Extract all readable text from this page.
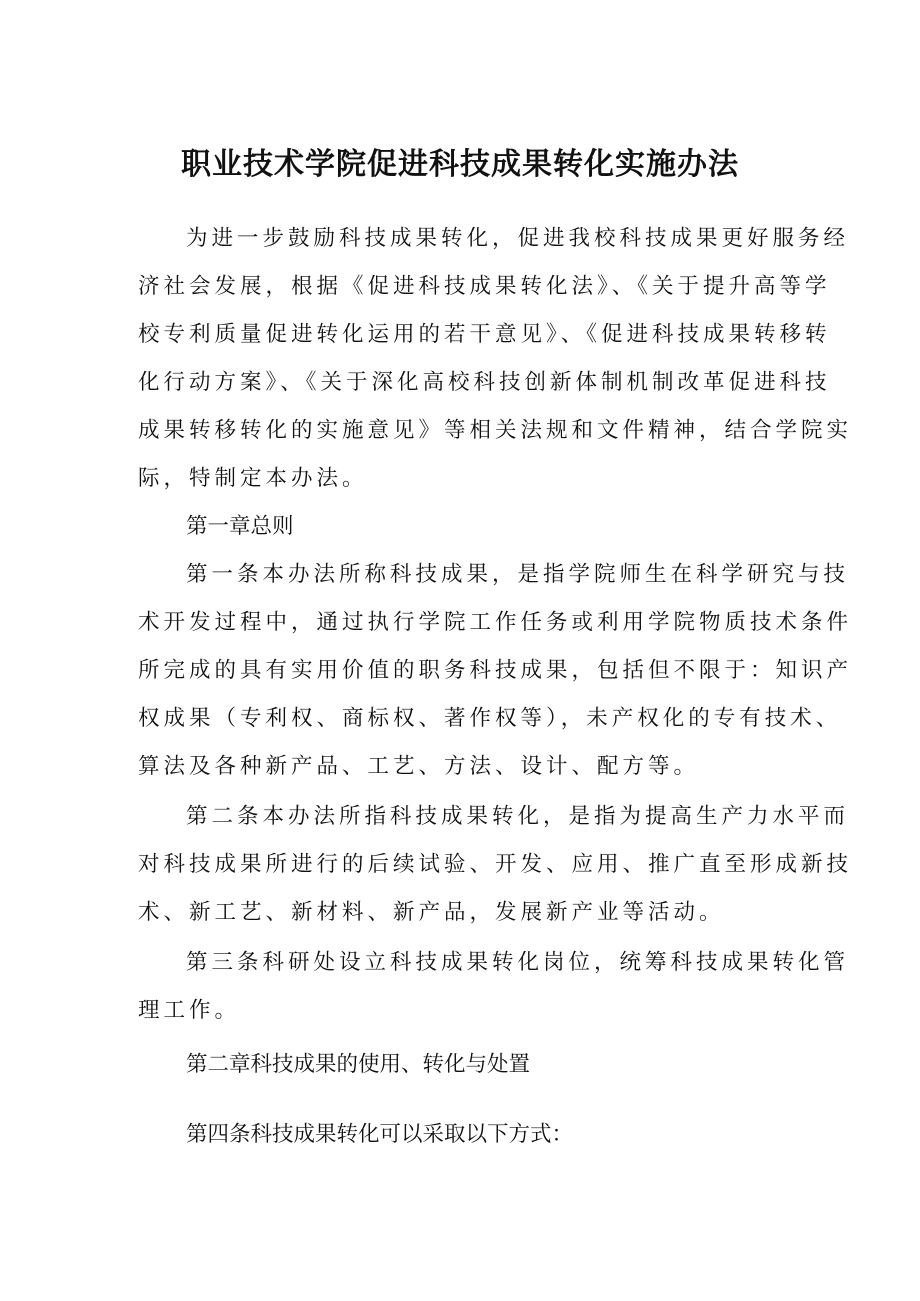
职业技术学院促进科技成果转化实施办法

为进一步鼓励科技成果转化，促进我校科技成果更好服务经

济社会发展，根据《促进科技成果转化法》、《关于提升高等学

校专利质量促进转化运用的若干意见》、《促进科技成果转移转

化行动方案》、《关于深化高校科技创新体制机制改革促进科技

成果转移转化的实施意见》等相关法规和文件精神，结合学院实

际，特制定本办法。

第一章总则

第一条本办法所称科技成果，是指学院师生在科学研究与技

术开发过程中，通过执行学院工作任务或利用学院物质技术条件

所完成的具有实用价值的职务科技成果，包括但不限于：知识产

权成果（专利权、商标权、著作权等），未产权化的专有技术、

算法及各种新产品、工艺、方法、设计、配方等。

第二条本办法所指科技成果转化，是指为提高生产力水平而

对科技成果所进行的后续试验、开发、应用、推广直至形成新技

术、新工艺、新材料、新产品，发展新产业等活动。

第三条科研处设立科技成果转化岗位，统筹科技成果转化管

理工作。

第二章科技成果的使用、转化与处置

第四条科技成果转化可以采取以下方式：
